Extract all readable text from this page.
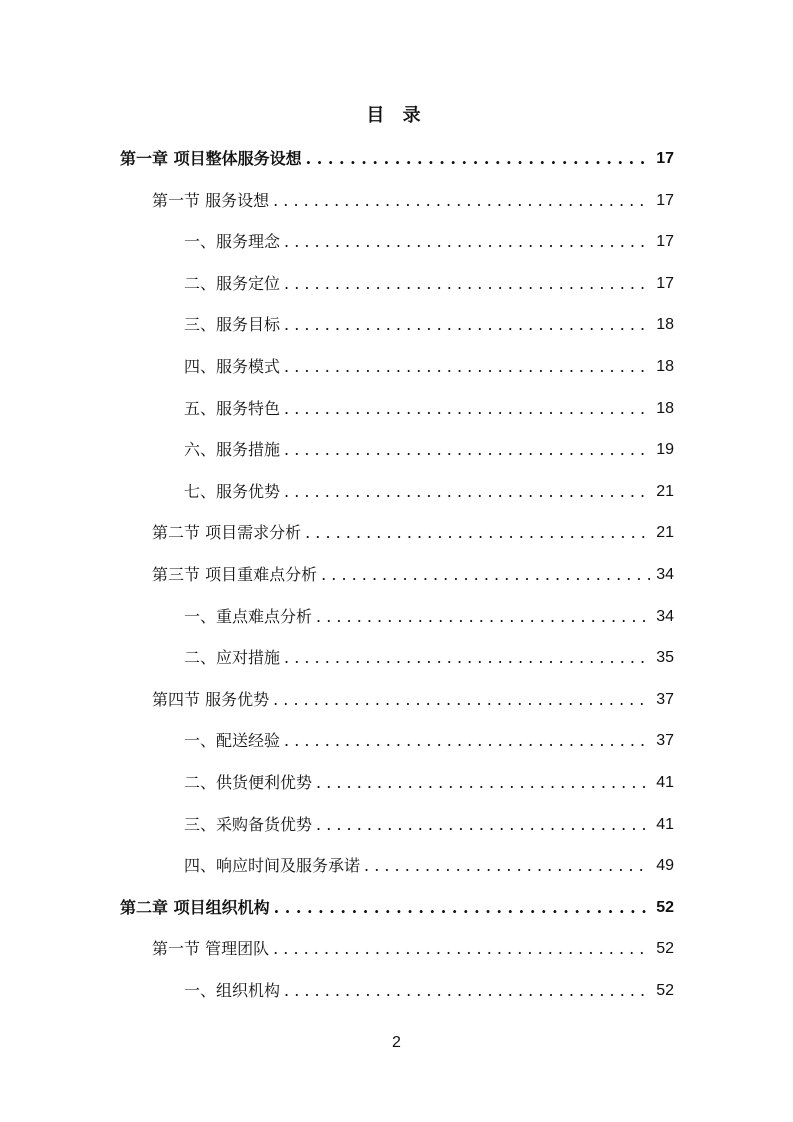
目 录
第一章 项目整体服务设想 . . .	17
第一节 服务设想 . . .	17
一、服务理念 . . .	17
二、服务定位 . . .	17
三、服务目标 . . .	18
四、服务模式 . . .	18
五、服务特色 . . .	18
六、服务措施 . . .	19
七、服务优势 . . .	21
第二节 项目需求分析 . . .	21
第三节 项目重难点分析 . . .	34
一、重点难点分析 . . .	34
二、应对措施 . . .	35
第四节 服务优势 . . .	37
一、配送经验 . . .	37
二、供货便利优势 . . .	41
三、采购备货优势 . . .	41
四、响应时间及服务承诺 . . .	49
第二章 项目组织机构 . . .	52
第一节 管理团队 . . .	52
一、组织机构 . . .	52
2
